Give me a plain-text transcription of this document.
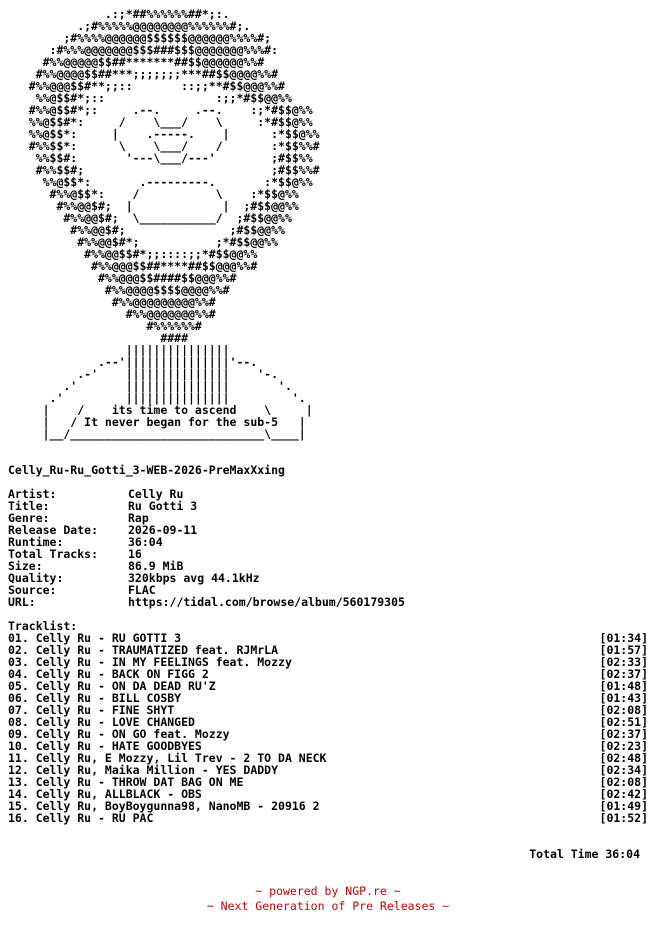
.:;*##%%%%%%##*;:.
.;#%%%%%@@@@@@@@%%%%%%#;.
;#%%%%@@@@@@$$$$$$@@@@@@%%%%#;
:#%%%@@@@@@@$$$###$$$@@@@@@@%%%#:
#%%@@@@@$$##*******##$$@@@@@@%%#
#%%@@@@$$##***;;;;;;;***##$$@@@@%%#
#%%@@@$$#**;;::       ::;;**#$$@@@%%#
%%@$$#*;::                :;;*#$$@@%%
#%%@$$#*;:     .--.     .--.    :;*#$$@%%
%%@$$#*:     /    \___/    \     :*#$$@%%
%%@$$*:     |    .-----.    |      :*$$@%%
#%%$$*:      \    \___/    /       :*$$%%#
%%$$#:       '---\___/---'        ;#$$%%
#%%$$#;                           ;#$$%%#
%%@$$*:       .---------.       :*$$@%%
#%%@$$*:    /           \    :*$$@%%
#%%@@$#;  |             |  ;#$$@@%%
#%%@@$#;  \___________/  ;#$$@@%%
#%%@@$#;               ;#$$@@%%
#%%@@$#*;           ;*#$$@@%%
#%%@@$$#*;;::::;;*#$$@@%%
#%%@@@$$##****##$$@@@%%#
#%%@@@$$####$$@@@%%#
#%%@@@@$$$$@@@@%%#
#%%@@@@@@@@@%%#
#%%@@@@@@@%%#
#%%%%%%#
####
|||||||||||||||
.--'|||||||||||||||'--.
.-'    |||||||||||||||    '-.
.'       |||||||||||||||       '.
.'         |||||||||||||||         '.
|    /    its time to ascend    \     |
|   / It never began for the sub-5   |
|__/____________________________\____|
Celly_Ru-Ru_Gotti_3-WEB-2026-PreMaxXxing
Artist:	Celly Ru
Title:	Ru Gotti 3
Genre:	Rap
Release Date:	2026-09-11
Runtime:	36:04
Total Tracks:	16
Size:	86.9 MiB
Quality:	320kbps avg 44.1kHz
Source:	FLAC
URL:	https://tidal.com/browse/album/560179305
Tracklist:
01. Celly Ru - RU GOTTI 3	[01:34]
02. Celly Ru - TRAUMATIZED feat. RJMrLA	[01:57]
03. Celly Ru - IN MY FEELINGS feat. Mozzy	[02:33]
04. Celly Ru - BACK ON FIGG 2	[02:37]
05. Celly Ru - ON DA DEAD RU'Z	[01:48]
06. Celly Ru - BILL COSBY	[01:43]
07. Celly Ru - FINE SHYT	[02:08]
08. Celly Ru - LOVE CHANGED	[02:51]
09. Celly Ru - ON GO feat. Mozzy	[02:37]
10. Celly Ru - HATE GOODBYES	[02:23]
11. Celly Ru, E Mozzy, Lil Trev - 2 TO DA NECK	[02:48]
12. Celly Ru, Maika Million - YES DADDY	[02:34]
13. Celly Ru - THROW DAT BAG ON ME	[02:08]
14. Celly Ru, ALLBLACK - OBS	[02:42]
15. Celly Ru, BoyBoygunna98, NanoMB - 20916 2	[01:49]
16. Celly Ru - RU PAC	[01:52]
Total Time 36:04
~ powered by NGP.re ~
~ Next Generation of Pre Releases ~
